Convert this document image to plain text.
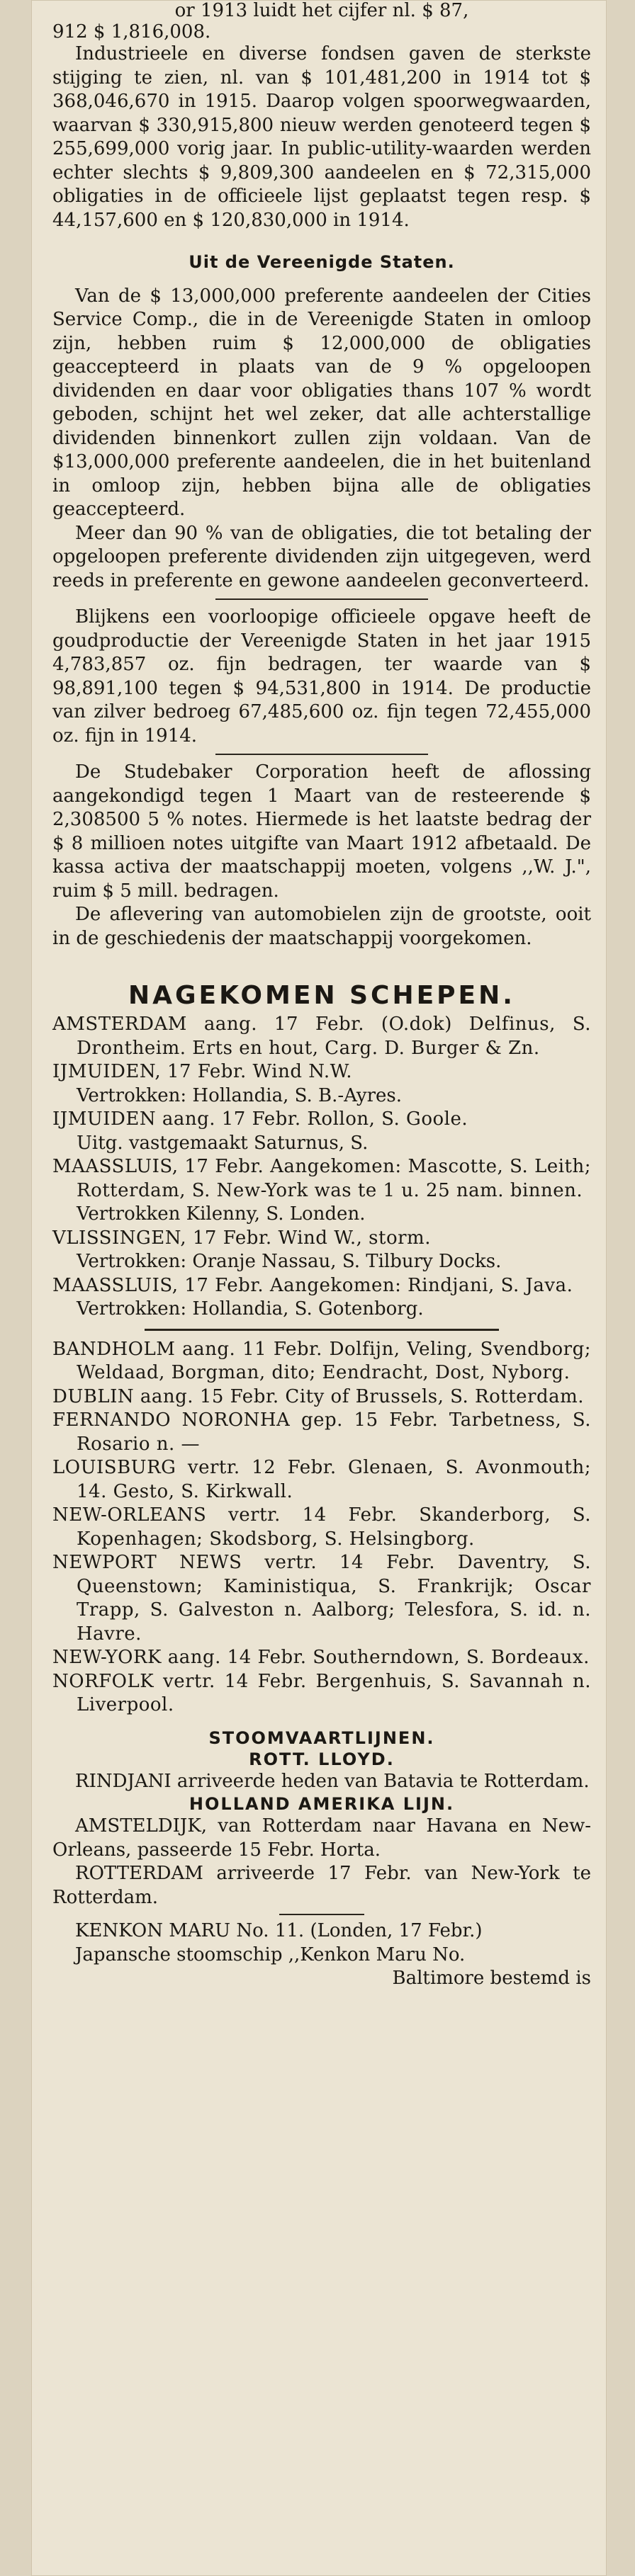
or 1913 luidt het cijfer nl. $ 87,

912 $ 1,816,008.

Industrieele en diverse fondsen gaven de sterkste stijging te zien, nl. van $ 101,481,200 in 1914 tot $ 368,046,670 in 1915. Daarop volgen spoorwegwaarden, waarvan $ 330,915,800 nieuw werden genoteerd tegen $ 255,699,000 vorig jaar. In public-utility-waarden werden echter slechts $ 9,809,300 aandeelen en $ 72,315,000 obligaties in de officieele lijst geplaatst tegen resp. $ 44,157,600 en $ 120,830,000 in 1914.

Uit de Vereenigde Staten.

Van de $ 13,000,000 preferente aandeelen der Cities Service Comp., die in de Vereenigde Staten in omloop zijn, hebben ruim $ 12,000,000 de obligaties geaccepteerd in plaats van de 9 % opgeloopen dividenden en daar voor obligaties thans 107 % wordt geboden, schijnt het wel zeker, dat alle achterstallige dividenden binnenkort zullen zijn voldaan. Van de $13,000,000 preferente aandeelen, die in het buitenland in omloop zijn, hebben bijna alle de obligaties geaccepteerd.

Meer dan 90 % van de obligaties, die tot betaling der opgeloopen preferente dividenden zijn uitgegeven, werd reeds in preferente en gewone aandeelen geconverteerd.

Blijkens een voorloopige officieele opgave heeft de goudproductie der Vereenigde Staten in het jaar 1915 4,783,857 oz. fijn bedragen, ter waarde van $ 98,891,100 tegen $ 94,531,800 in 1914. De productie van zilver bedroeg 67,485,600 oz. fijn tegen 72,455,000 oz. fijn in 1914.

De Studebaker Corporation heeft de aflossing aangekondigd tegen 1 Maart van de resteerende $ 2,308500 5 % notes. Hiermede is het laatste bedrag der $ 8 millioen notes uitgifte van Maart 1912 afbetaald. De kassa activa der maatschappij moeten, volgens ,,W. J.", ruim $ 5 mill. bedragen.

De aflevering van automobielen zijn de grootste, ooit in de geschiedenis der maatschappij voorgekomen.

NAGEKOMEN SCHEPEN.

AMSTERDAM aang. 17 Febr. (O.dok) Delfinus, S. Drontheim. Erts en hout, Carg. D. Burger & Zn.

IJMUIDEN, 17 Febr. Wind N.W.

Vertrokken: Hollandia, S. B.-Ayres.

IJMUIDEN aang. 17 Febr. Rollon, S. Goole.

Uitg. vastgemaakt Saturnus, S.

MAASSLUIS, 17 Febr. Aangekomen: Mascotte, S. Leith; Rotterdam, S. New-York was te 1 u. 25 nam. binnen.

Vertrokken Kilenny, S. Londen.

VLISSINGEN, 17 Febr. Wind W., storm.

Vertrokken: Oranje Nassau, S. Tilbury Docks.

MAASSLUIS, 17 Febr. Aangekomen: Rindjani, S. Java.

Vertrokken: Hollandia, S. Gotenborg.

BANDHOLM aang. 11 Febr. Dolfijn, Veling, Svendborg; Weldaad, Borgman, dito; Eendracht, Dost, Nyborg.

DUBLIN aang. 15 Febr. City of Brussels, S. Rotterdam.

FERNANDO NORONHA gep. 15 Febr. Tarbetness, S. Rosario n. —

LOUISBURG vertr. 12 Febr. Glenaen, S. Avonmouth; 14. Gesto, S. Kirkwall.

NEW-ORLEANS vertr. 14 Febr. Skanderborg, S. Kopenhagen; Skodsborg, S. Helsingborg.

NEWPORT NEWS vertr. 14 Febr. Daventry, S. Queenstown; Kaministiqua, S. Frankrijk; Oscar Trapp, S. Galveston n. Aalborg; Telesfora, S. id. n. Havre.

NEW-YORK aang. 14 Febr. Southerndown, S. Bordeaux.

NORFOLK vertr. 14 Febr. Bergenhuis, S. Savannah n. Liverpool.

STOOMVAARTLIJNEN.

ROTT. LLOYD.

RINDJANI arriveerde heden van Batavia te Rotterdam.

HOLLAND AMERIKA LIJN.

AMSTELDIJK, van Rotterdam naar Havana en New-Orleans, passeerde 15 Febr. Horta.

ROTTERDAM arriveerde 17 Febr. van New-York te Rotterdam.

KENKON MARU No. 11. (Londen, 17 Febr.)

Japansche stoomschip ,,Kenkon Maru No.

Baltimore bestemd is
